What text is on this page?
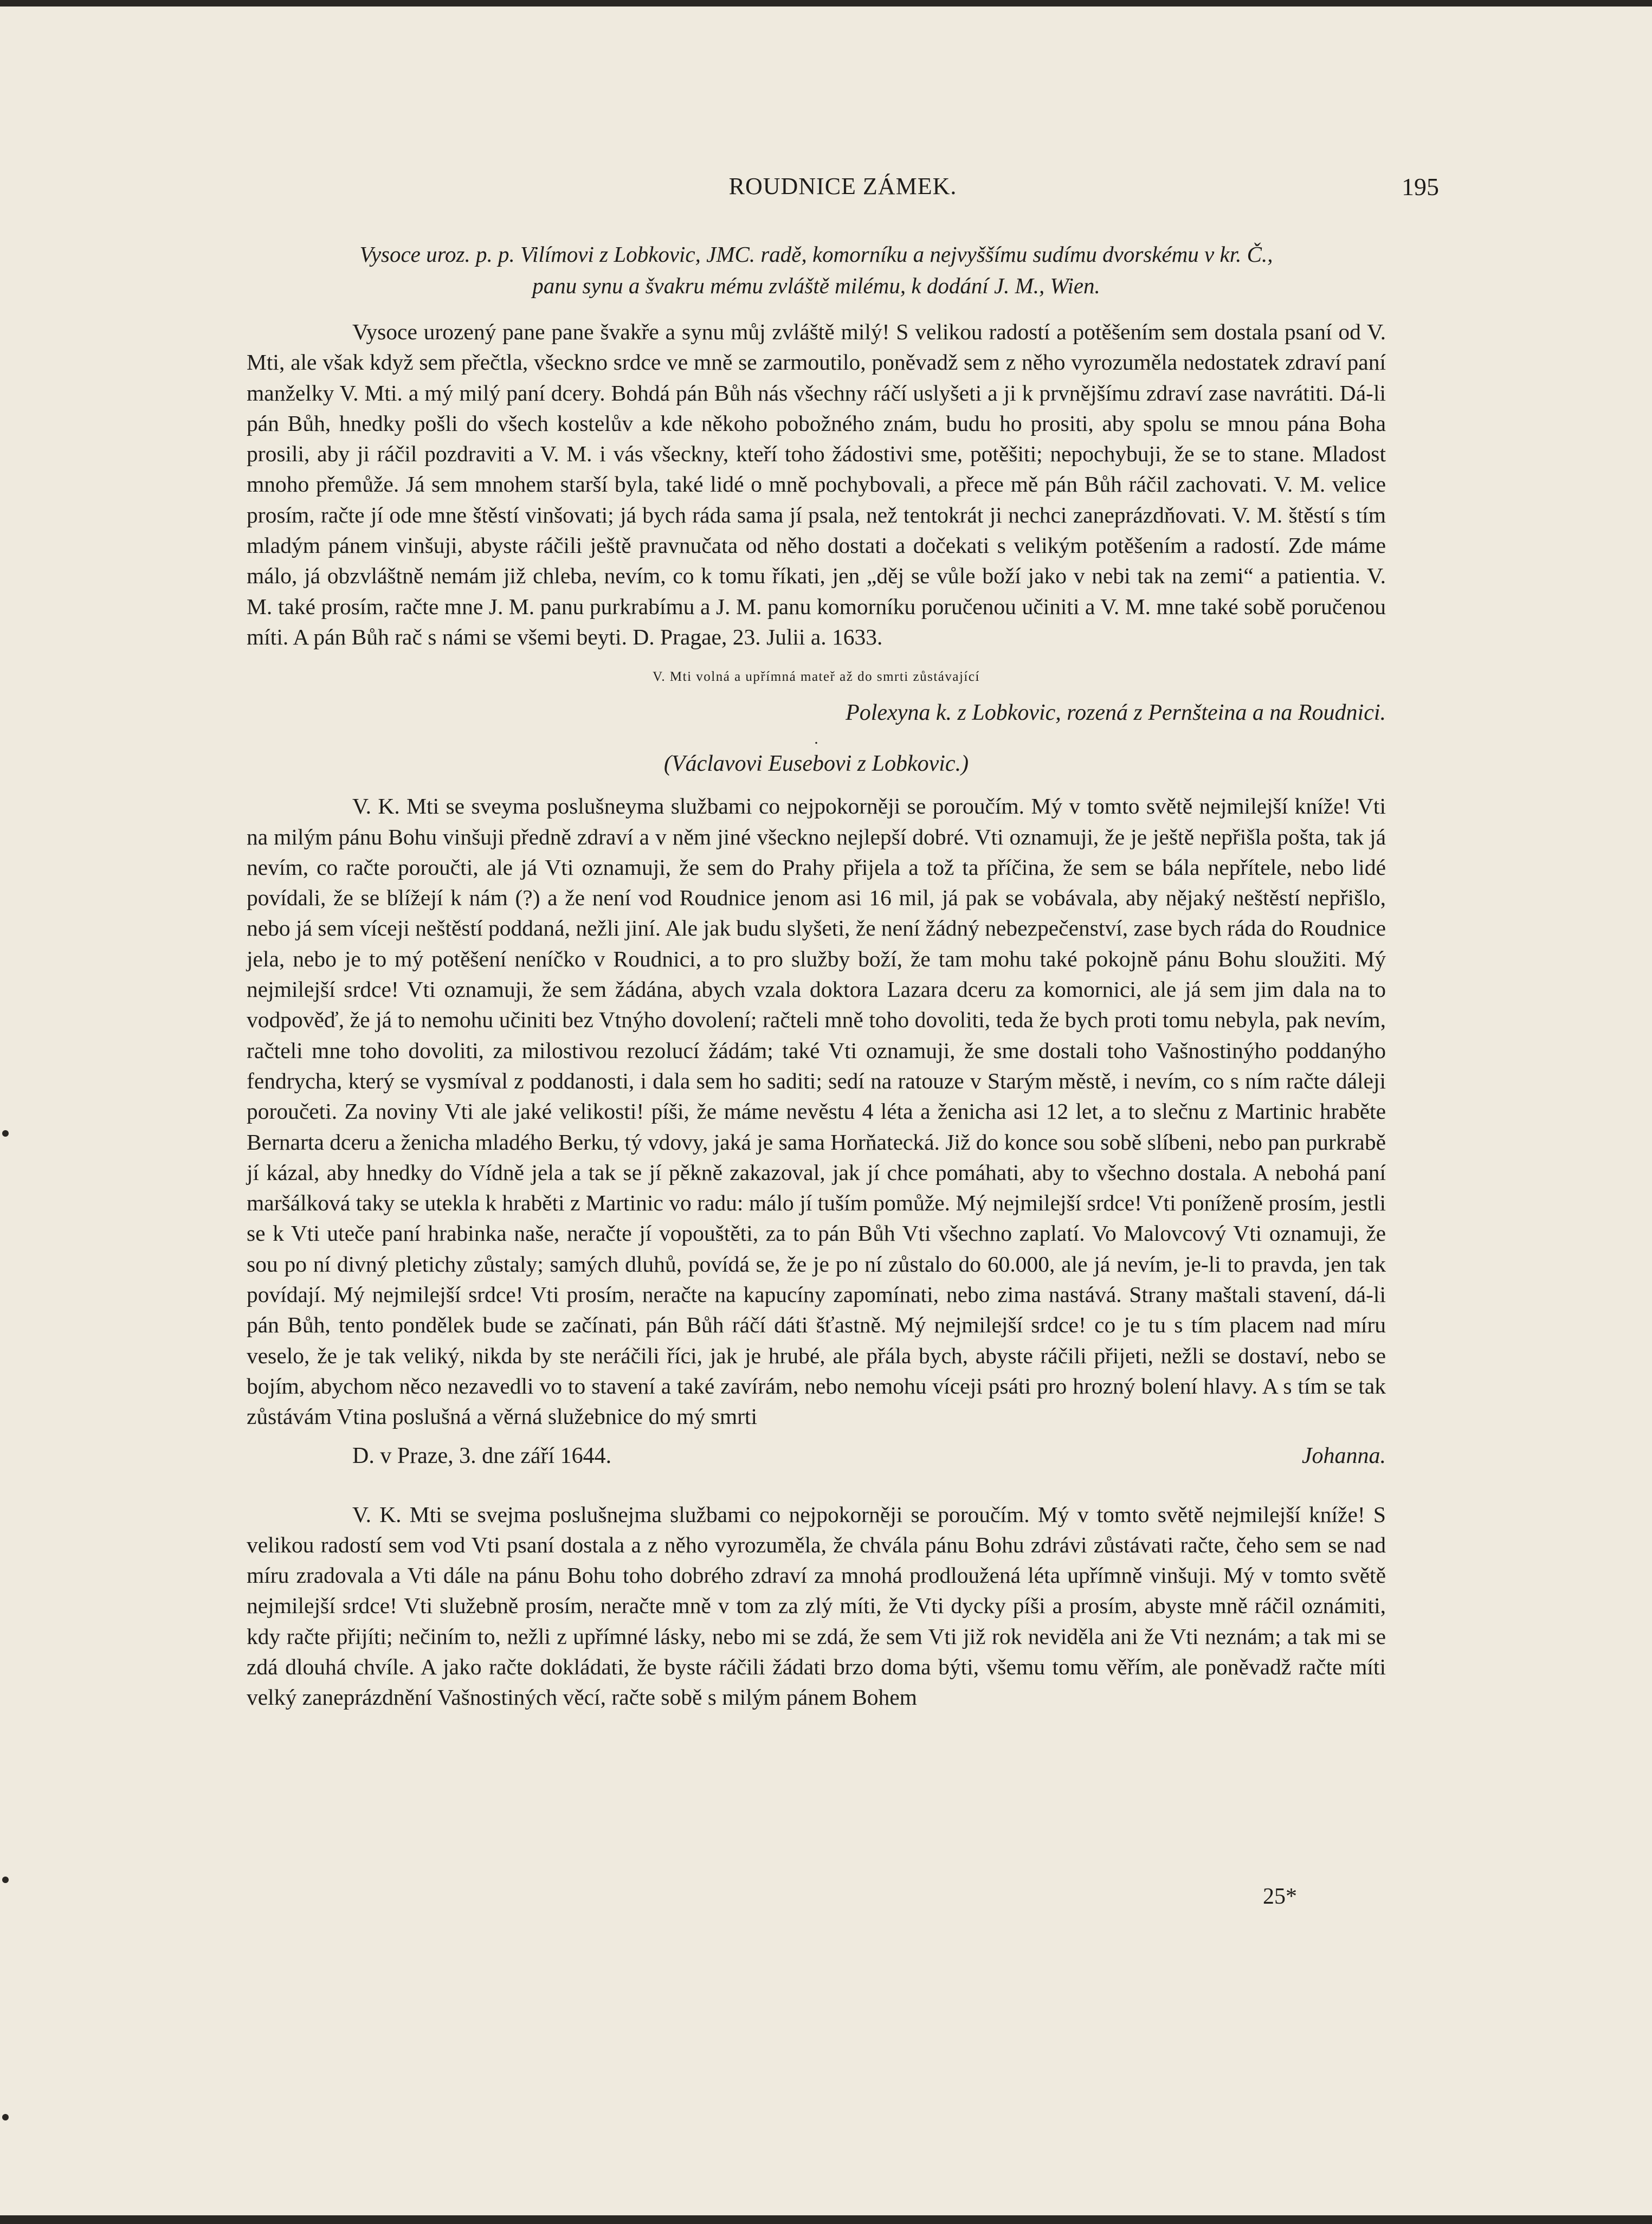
ROUDNICE ZÁMEK.	195
Vysoce uroz. p. p. Vilímovi z Lobkovic, JMC. radě, komorníku a nejvyššímu sudímu dvorskému v kr. Č.,
panu synu a švakru mému zvláště milému, k dodání J. M., Wien.

Vysoce urozený pane pane švakře a synu můj zvláště milý! S velikou radostí a potěšením sem dostala psaní od V. Mti, ale však když sem přečtla, všeckno srdce ve mně se zarmoutilo, poněvadž sem z něho vyrozuměla nedostatek zdraví paní manželky V. Mti. a mý milý paní dcery. Bohdá pán Bůh nás všechny ráčí uslyšeti a ji k prvnějšímu zdraví zase navrátiti. Dá-li pán Bůh, hnedky pošli do všech kostelův a kde někoho pobožného znám, budu ho prositi, aby spolu se mnou pána Boha prosili, aby ji ráčil pozdraviti a V. M. i vás všeckny, kteří toho žádostivi sme, potěšiti; nepochybuji, že se to stane. Mladost mnoho přemůže. Já sem mnohem starší byla, také lidé o mně pochybovali, a přece mě pán Bůh ráčil zachovati. V. M. velice prosím, račte jí ode mne štěstí vinšovati; já bych ráda sama jí psala, než tentokrát ji nechci zaneprázdňovati. V. M. štěstí s tím mladým pánem vinšuji, abyste ráčili ještě pravnučata od něho dostati a dočekati s velikým potěšením a radostí. Zde máme málo, já obzvláštně nemám již chleba, nevím, co k tomu říkati, jen „děj se vůle boží jako v nebi tak na zemi“ a patientia. V. M. také prosím, račte mne J. M. panu purkrabímu a J. M. panu komorníku poručenou učiniti a V. M. mne také sobě poručenou míti. A pán Bůh rač s námi se všemi beyti. D. Pragae, 23. Julii a. 1633.

V. Mti volná a upřímná mateř až do smrti zůstávající
Polexyna k. z Lobkovic, rozená z Pernšteina a na Roudnici.
.
(Václavovi Eusebovi z Lobkovic.)

V. K. Mti se sveyma poslušneyma službami co nejpokorněji se poroučím. Mý v tomto světě nejmilejší kníže! Vti na milým pánu Bohu vinšuji předně zdraví a v něm jiné všeckno nejlepší dobré. Vti oznamuji, že je ještě nepřišla pošta, tak já nevím, co račte poroučti, ale já Vti oznamuji, že sem do Prahy přijela a tož ta příčina, že sem se bála nepřítele, nebo lidé povídali, že se blížejí k nám (?) a že není vod Roudnice jenom asi 16 mil, já pak se vobávala, aby nějaký neštěstí nepřišlo, nebo já sem víceji neštěstí poddaná, nežli jiní. Ale jak budu slyšeti, že není žádný nebezpečenství, zase bych ráda do Roudnice jela, nebo je to mý potěšení neníčko v Roudnici, a to pro služby boží, že tam mohu také pokojně pánu Bohu sloužiti. Mý nejmilejší srdce! Vti oznamuji, že sem žádána, abych vzala doktora Lazara dceru za komornici, ale já sem jim dala na to vodpověď, že já to nemohu učiniti bez Vtnýho dovolení; račteli mně toho dovoliti, teda že bych proti tomu nebyla, pak nevím, račteli mne toho dovoliti, za milostivou rezolucí žádám; také Vti oznamuji, že sme dostali toho Vašnostinýho poddanýho fendrycha, který se vysmíval z poddanosti, i dala sem ho saditi; sedí na ratouze v Starým městě, i nevím, co s ním račte dáleji poroučeti. Za noviny Vti ale jaké velikosti! píši, že máme nevěstu 4 léta a ženicha asi 12 let, a to slečnu z Martinic hraběte Bernarta dceru a ženicha mladého Berku, tý vdovy, jaká je sama Horňatecká. Již do konce sou sobě slíbeni, nebo pan purkrabě jí kázal, aby hnedky do Vídně jela a tak se jí pěkně zakazoval, jak jí chce pomáhati, aby to všechno dostala. A nebohá paní maršálková taky se utekla k hraběti z Martinic vo radu: málo jí tuším pomůže. Mý nejmilejší srdce! Vti poníženě prosím, jestli se k Vti uteče paní hrabinka naše, neračte jí vopouštěti, za to pán Bůh Vti všechno zaplatí. Vo Malovcový Vti oznamuji, že sou po ní divný pletichy zůstaly; samých dluhů, povídá se, že je po ní zůstalo do 60.000, ale já nevím, je-li to pravda, jen tak povídají. Mý nejmilejší srdce! Vti prosím, neračte na kapucíny zapomínati, nebo zima nastává. Strany maštali stavení, dá-li pán Bůh, tento pondělek bude se začínati, pán Bůh ráčí dáti šťastně. Mý nejmilejší srdce! co je tu s tím placem nad míru veselo, že je tak veliký, nikda by ste neráčili říci, jak je hrubé, ale přála bych, abyste ráčili přijeti, nežli se dostaví, nebo se bojím, abychom něco nezavedli vo to stavení a také zavírám, nebo nemohu víceji psáti pro hrozný bolení hlavy. A s tím se tak zůstávám Vtina poslušná a věrná služebnice do mý smrti

D. v Praze, 3. dne září 1644.	Johanna.

V. K. Mti se svejma poslušnejma službami co nejpokorněji se poroučím. Mý v tomto světě nejmilejší kníže! S velikou radostí sem vod Vti psaní dostala a z něho vyrozuměla, že chvála pánu Bohu zdrávi zůstávati račte, čeho sem se nad míru zradovala a Vti dále na pánu Bohu toho dobrého zdraví za mnohá prodloužená léta upřímně vinšuji. Mý v tomto světě nejmilejší srdce! Vti služebně prosím, neračte mně v tom za zlý míti, že Vti dycky píši a prosím, abyste mně ráčil oznámiti, kdy račte přijíti; nečiním to, nežli z upřímné lásky, nebo mi se zdá, že sem Vti již rok neviděla ani že Vti neznám; a tak mi se zdá dlouhá chvíle. A jako račte dokládati, že byste ráčili žádati brzo doma býti, všemu tomu věřím, ale poněvadž račte míti velký zaneprázdnění Vašnostiných věcí, račte sobě s milým pánem Bohem

25*
